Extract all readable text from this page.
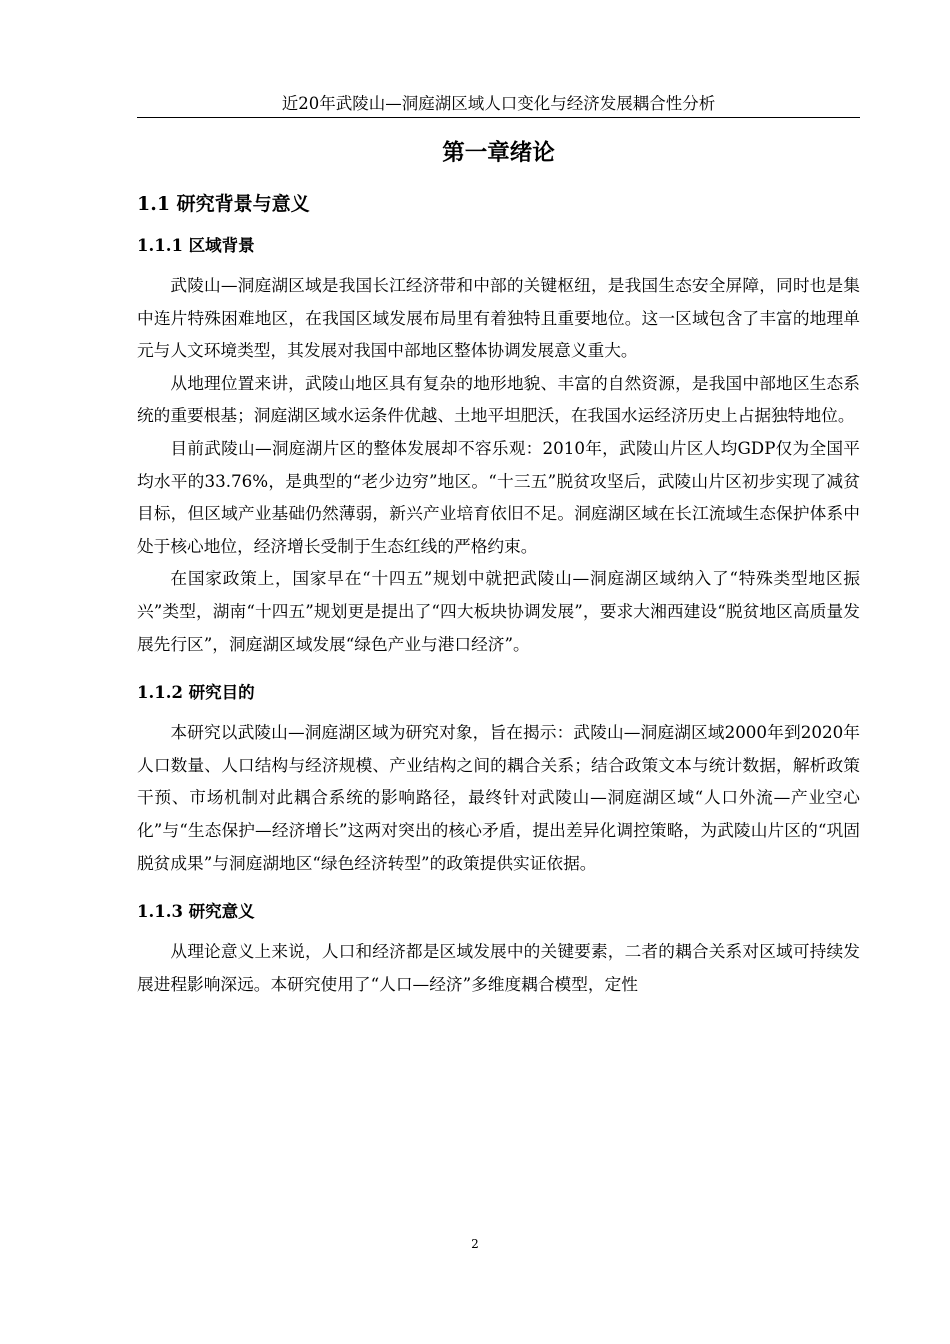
近20年武陵山—洞庭湖区域人口变化与经济发展耦合性分析
第一章绪论
1.1 研究背景与意义
1.1.1 区域背景

武陵山—洞庭湖区域是我国长江经济带和中部的关键枢纽，是我国生态安全屏障，同时也是集中连片特殊困难地区，在我国区域发展布局里有着独特且重要地位。这一区域包含了丰富的地理单元与人文环境类型，其发展对我国中部地区整体协调发展意义重大。

从地理位置来讲，武陵山地区具有复杂的地形地貌、丰富的自然资源，是我国中部地区生态系统的重要根基；洞庭湖区域水运条件优越、土地平坦肥沃，在我国水运经济历史上占据独特地位。

目前武陵山—洞庭湖片区的整体发展却不容乐观：2010年，武陵山片区人均GDP仅为全国平均水平的33.76%，是典型的“老少边穷”地区。“十三五”脱贫攻坚后，武陵山片区初步实现了减贫目标，但区域产业基础仍然薄弱，新兴产业培育依旧不足。洞庭湖区域在长江流域生态保护体系中处于核心地位，经济增长受制于生态红线的严格约束。

在国家政策上，国家早在“十四五”规划中就把武陵山—洞庭湖区域纳入了“特殊类型地区振兴”类型，湖南“十四五”规划更是提出了“四大板块协调发展”，要求大湘西建设“脱贫地区高质量发展先行区”，洞庭湖区域发展“绿色产业与港口经济”。

1.1.2 研究目的

本研究以武陵山—洞庭湖区域为研究对象，旨在揭示：武陵山—洞庭湖区域2000年到2020年人口数量、人口结构与经济规模、产业结构之间的耦合关系；结合政策文本与统计数据，解析政策干预、市场机制对此耦合系统的影响路径，最终针对武陵山—洞庭湖区域“人口外流—产业空心化”与“生态保护—经济增长”这两对突出的核心矛盾，提出差异化调控策略，为武陵山片区的“巩固脱贫成果”与洞庭湖地区“绿色经济转型”的政策提供实证依据。

1.1.3 研究意义

从理论意义上来说，人口和经济都是区域发展中的关键要素，二者的耦合关系对区域可持续发展进程影响深远。本研究使用了“人口—经济”多维度耦合模型，定性

2
